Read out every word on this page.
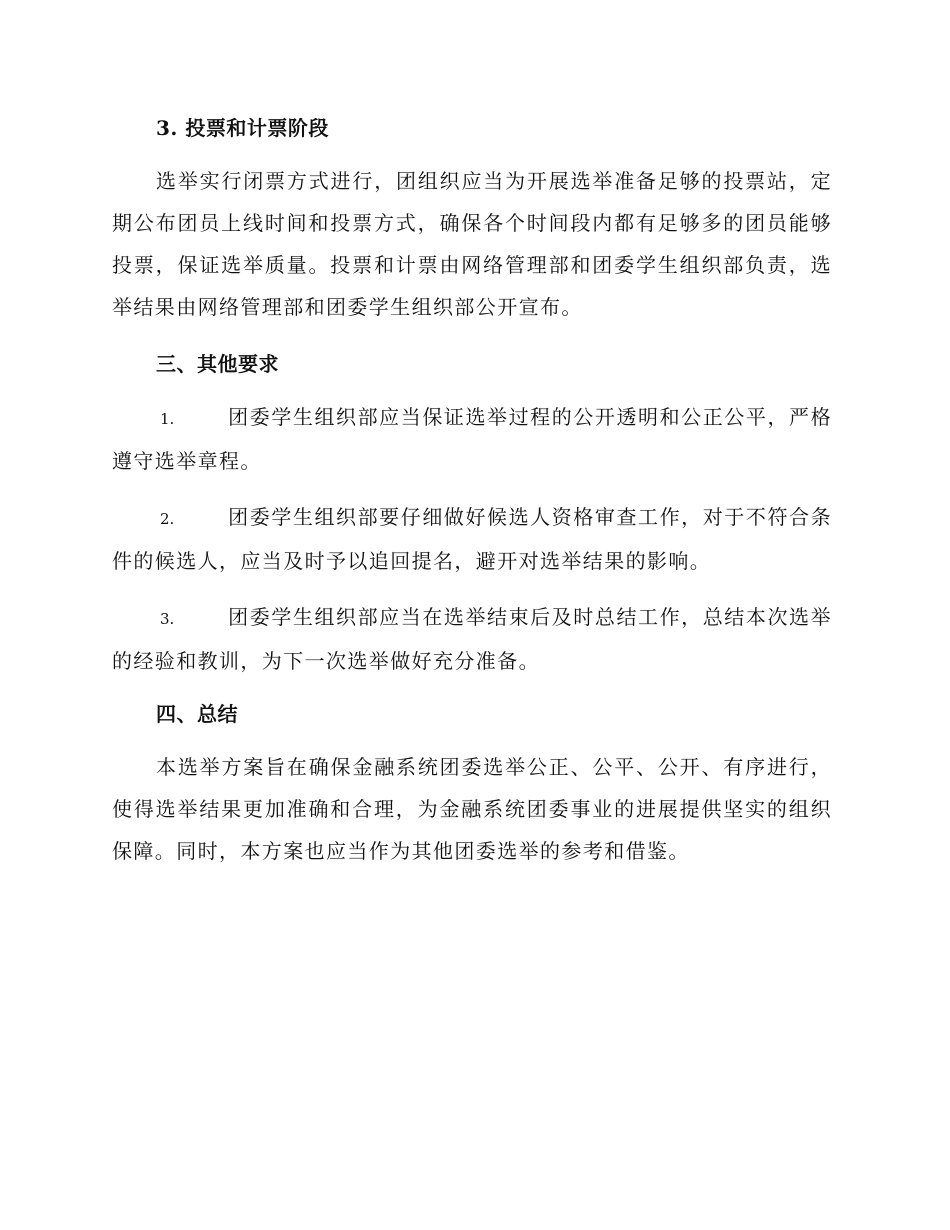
3. 投票和计票阶段

选举实行闭票方式进行，团组织应当为开展选举准备足够的投票站，定期公布团员上线时间和投票方式，确保各个时间段内都有足够多的团员能够投票，保证选举质量。投票和计票由网络管理部和团委学生组织部负责，选举结果由网络管理部和团委学生组织部公开宣布。

三、其他要求

1.	团委学生组织部应当保证选举过程的公开透明和公正公平，严格遵守选举章程。

2.	团委学生组织部要仔细做好候选人资格审查工作，对于不符合条件的候选人，应当及时予以追回提名，避开对选举结果的影响。

3.	团委学生组织部应当在选举结束后及时总结工作，总结本次选举的经验和教训，为下一次选举做好充分准备。

四、总结

本选举方案旨在确保金融系统团委选举公正、公平、公开、有序进行，使得选举结果更加准确和合理，为金融系统团委事业的进展提供坚实的组织保障。同时，本方案也应当作为其他团委选举的参考和借鉴。
